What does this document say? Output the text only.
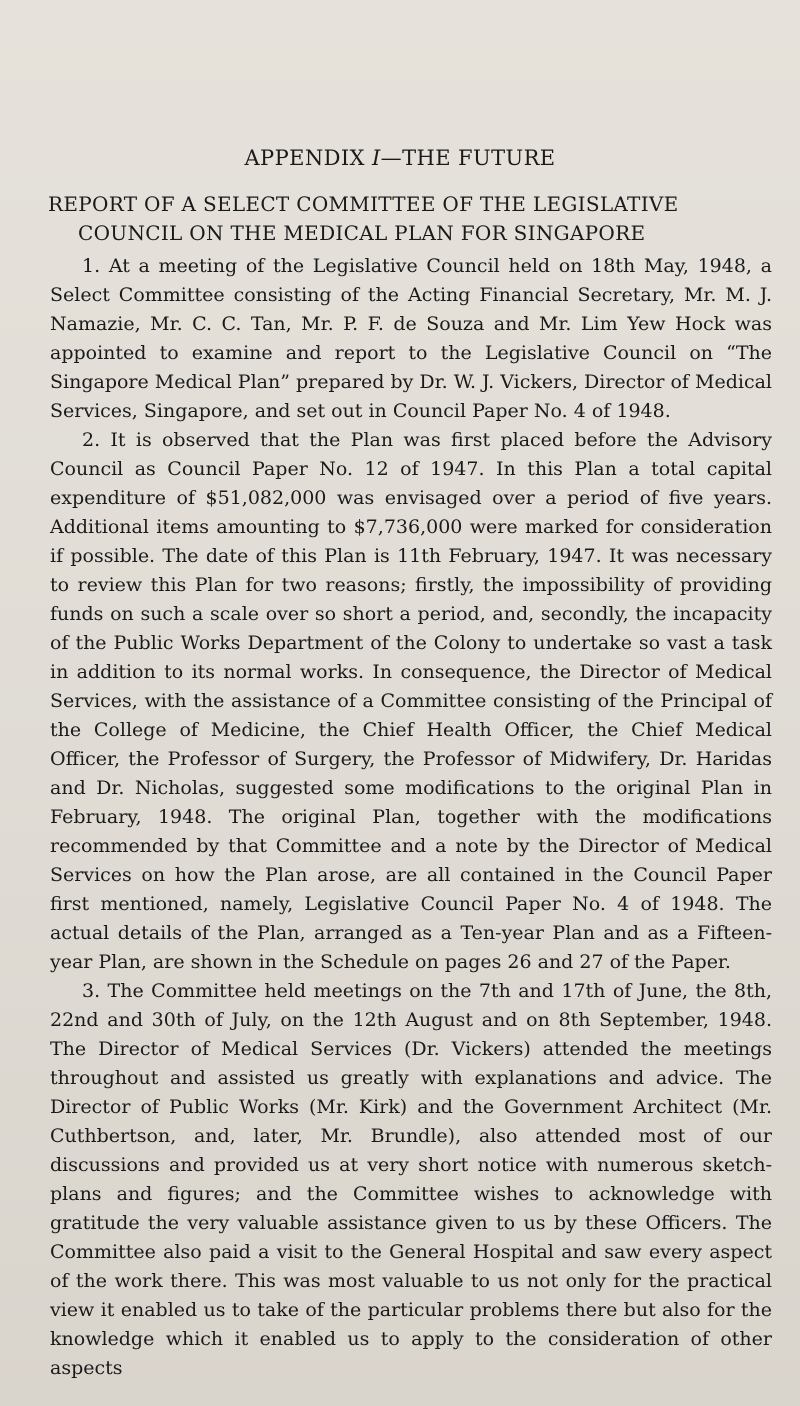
APPENDIX I—THE FUTURE
REPORT OF A SELECT COMMITTEE OF THE LEGISLATIVE
COUNCIL ON THE MEDICAL PLAN FOR SINGAPORE

1. At a meeting of the Legislative Council held on 18th May, 1948, a Select Committee consisting of the Acting Financial Secretary, Mr. M. J. Namazie, Mr. C. C. Tan, Mr. P. F. de Souza and Mr. Lim Yew Hock was appointed to examine and report to the Legislative Council on “The Singapore Medical Plan” prepared by Dr. W. J. Vickers, Director of Medical Services, Singapore, and set out in Council Paper No. 4 of 1948.

2. It is observed that the Plan was first placed before the Advisory Council as Council Paper No. 12 of 1947. In this Plan a total capital expenditure of $51,082,000 was envisaged over a period of five years. Additional items amounting to $7,736,000 were marked for consideration if possible. The date of this Plan is 11th February, 1947. It was necessary to review this Plan for two reasons; firstly, the impossibility of providing funds on such a scale over so short a period, and, secondly, the incapacity of the Public Works Department of the Colony to undertake so vast a task in addition to its normal works. In consequence, the Director of Medical Services, with the assistance of a Committee consisting of the Principal of the College of Medicine, the Chief Health Officer, the Chief Medical Officer, the Professor of Surgery, the Professor of Midwifery, Dr. Haridas and Dr. Nicholas, suggested some modifications to the original Plan in February, 1948. The original Plan, together with the modifications recommended by that Committee and a note by the Director of Medical Services on how the Plan arose, are all contained in the Council Paper first mentioned, namely, Legislative Council Paper No. 4 of 1948. The actual details of the Plan, arranged as a Ten-year Plan and as a Fifteen-year Plan, are shown in the Schedule on pages 26 and 27 of the Paper.

3. The Committee held meetings on the 7th and 17th of June, the 8th, 22nd and 30th of July, on the 12th August and on 8th September, 1948. The Director of Medical Services (Dr. Vickers) attended the meetings throughout and assisted us greatly with explanations and advice. The Director of Public Works (Mr. Kirk) and the Government Architect (Mr. Cuthbertson, and, later, Mr. Brundle), also attended most of our discussions and provided us at very short notice with numerous sketch-plans and figures; and the Committee wishes to acknowledge with gratitude the very valuable assistance given to us by these Officers. The Committee also paid a visit to the General Hospital and saw every aspect of the work there. This was most valuable to us not only for the practical view it enabled us to take of the particular problems there but also for the knowledge which it enabled us to apply to the consideration of other aspects
